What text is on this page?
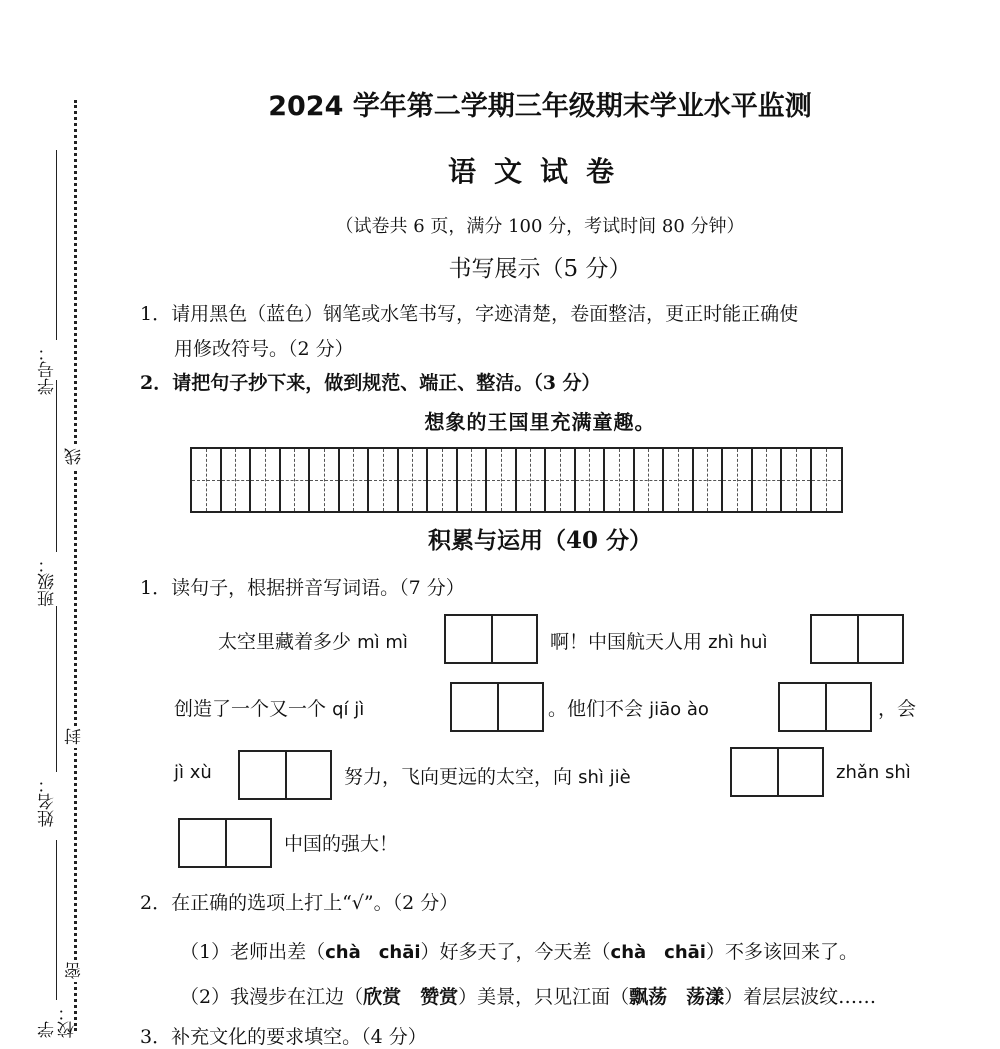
学号：
线
班级：
封
姓名：
密
学校：
2024 学年第二学期三年级期末学业水平监测
语文试卷
（试卷共 6 页，满分 100 分，考试时间 80 分钟）
书写展示（5 分）
1．请用黑色（蓝色）钢笔或水笔书写，字迹清楚，卷面整洁，更正时能正确使
用修改符号。（2 分）
2．请把句子抄下来，做到规范、端正、整洁。（3 分）
想象的王国里充满童趣。
积累与运用（40 分）
1．读句子，根据拼音写词语。（7 分）
太空里藏着多少 mì mì	啊！中国航天人用 zhì huì
创造了一个又一个 qí jì	。他们不会 jiāo ào	，会
jì xù	努力，飞向更远的太空，向 shì jiè	zhǎn shì
中国的强大！
2．在正确的选项上打上“√”。（2 分）
（1）老师出差（chà　chāi）好多天了，今天差（chà　chāi）不多该回来了。
（2）我漫步在江边（欣赏　赞赏）美景，只见江面（飘荡　荡漾）着层层波纹……
3．补充文化的要求填空。（4 分）
